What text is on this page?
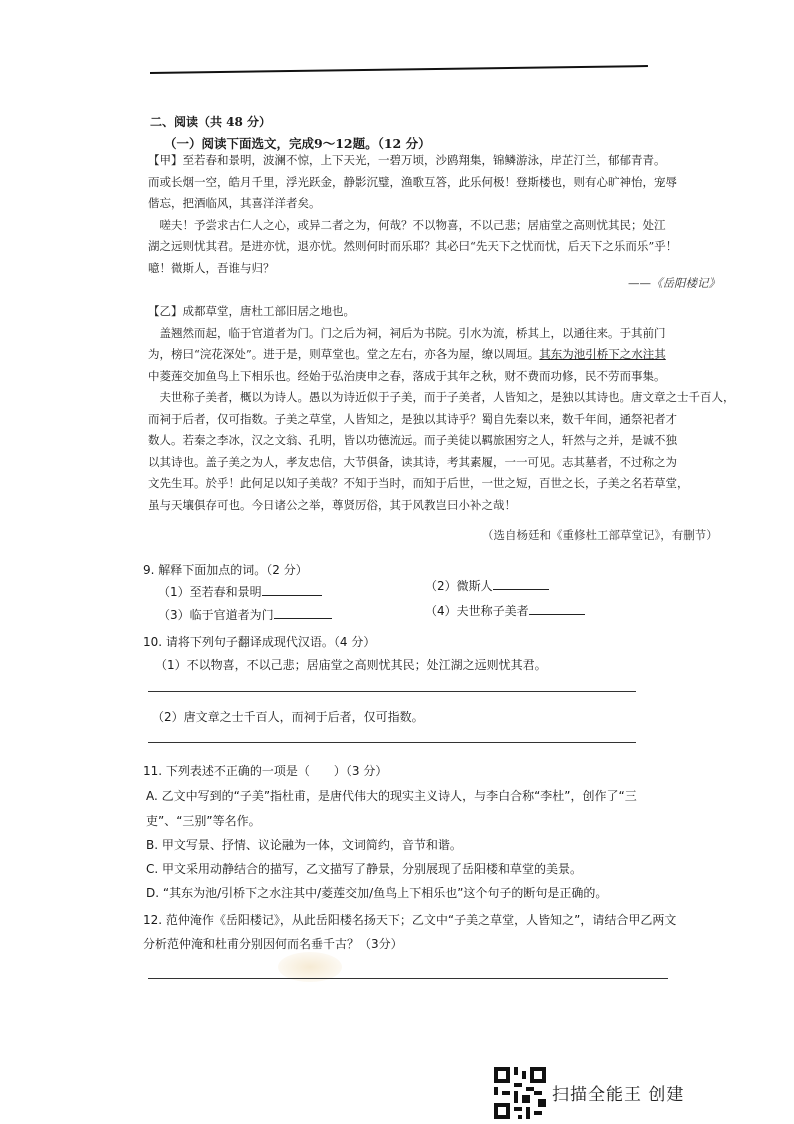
二、阅读（共 48 分）
（一）阅读下面选文，完成9～12题。（12 分）

【甲】至若春和景明，波澜不惊，上下天光，一碧万顷，沙鸥翔集，锦鳞游泳，岸芷汀兰，郁郁青青。

而或长烟一空，皓月千里，浮光跃金，静影沉璧，渔歌互答，此乐何极！登斯楼也，则有心旷神怡，宠辱

偕忘，把酒临风，其喜洋洋者矣。

　嗟夫！予尝求古仁人之心，或异二者之为，何哉？不以物喜，不以己悲；居庙堂之高则忧其民；处江

湖之远则忧其君。是进亦忧，退亦忧。然则何时而乐耶？其必曰“先天下之忧而忧，后天下之乐而乐”乎！

噫！微斯人，吾谁与归？

——《岳阳楼记》

【乙】成都草堂，唐杜工部旧居之地也。

　盖翘然而起，临于官道者为门。门之后为祠，祠后为书院。引水为流，桥其上，以通往来。于其前门

为，榜曰“浣花深处”。进于是，则草堂也。堂之左右，亦各为屋，缭以周垣。其东为池引桥下之水注其

中菱莲交加鱼鸟上下相乐也。经始于弘治庚申之春，落成于其年之秋，财不费而功修，民不劳而事集。

　夫世称子美者，概以为诗人。愚以为诗近似于子美，而于子美者，人皆知之，是独以其诗也。唐文章之士千百人，

而祠于后者，仅可指数。子美之草堂，人皆知之，是独以其诗乎？蜀自先秦以来，数千年间，通祭祀者才

数人。若秦之李冰，汉之文翁、孔明，皆以功德流远。而子美徒以羁旅困穷之人，轩然与之并，是诚不独

以其诗也。盖子美之为人，孝友忠信，大节俱备，读其诗，考其素履，一一可见。志其墓者，不过称之为

文先生耳。於乎！此何足以知子美哉？不知于当时，而知于后世，一世之短，百世之长，子美之名若草堂，

虽与天壤俱存可也。今日诸公之举，尊贤厉俗，其于风教岂曰小补之哉！

（选自杨廷和《重修杜工部草堂记》，有删节）
9. 解释下面加点的词。（2 分）
（1）至若春和景明	（2）微斯人
（3）临于官道者为门	（4）夫世称子美者
10. 请将下列句子翻译成现代汉语。（4 分）
（1）不以物喜，不以己悲；居庙堂之高则忧其民；处江湖之远则忧其君。
（2）唐文章之士千百人，而祠于后者，仅可指数。
11. 下列表述不正确的一项是（　　）（3 分）
A. 乙文中写到的“子美”指杜甫，是唐代伟大的现实主义诗人，与李白合称“李杜”，创作了“三
吏”、“三别”等名作。
B. 甲文写景、抒情、议论融为一体，文词简约，音节和谐。
C. 甲文采用动静结合的描写，乙文描写了静景，分别展现了岳阳楼和草堂的美景。
D. “其东为池/引桥下之水注其中/菱莲交加/鱼鸟上下相乐也”这个句子的断句是正确的。
12. 范仲淹作《岳阳楼记》，从此岳阳楼名扬天下；乙文中“子美之草堂，人皆知之”，请结合甲乙两文
分析范仲淹和杜甫分别因何而名垂千古？（3分）
扫描全能王 创建
